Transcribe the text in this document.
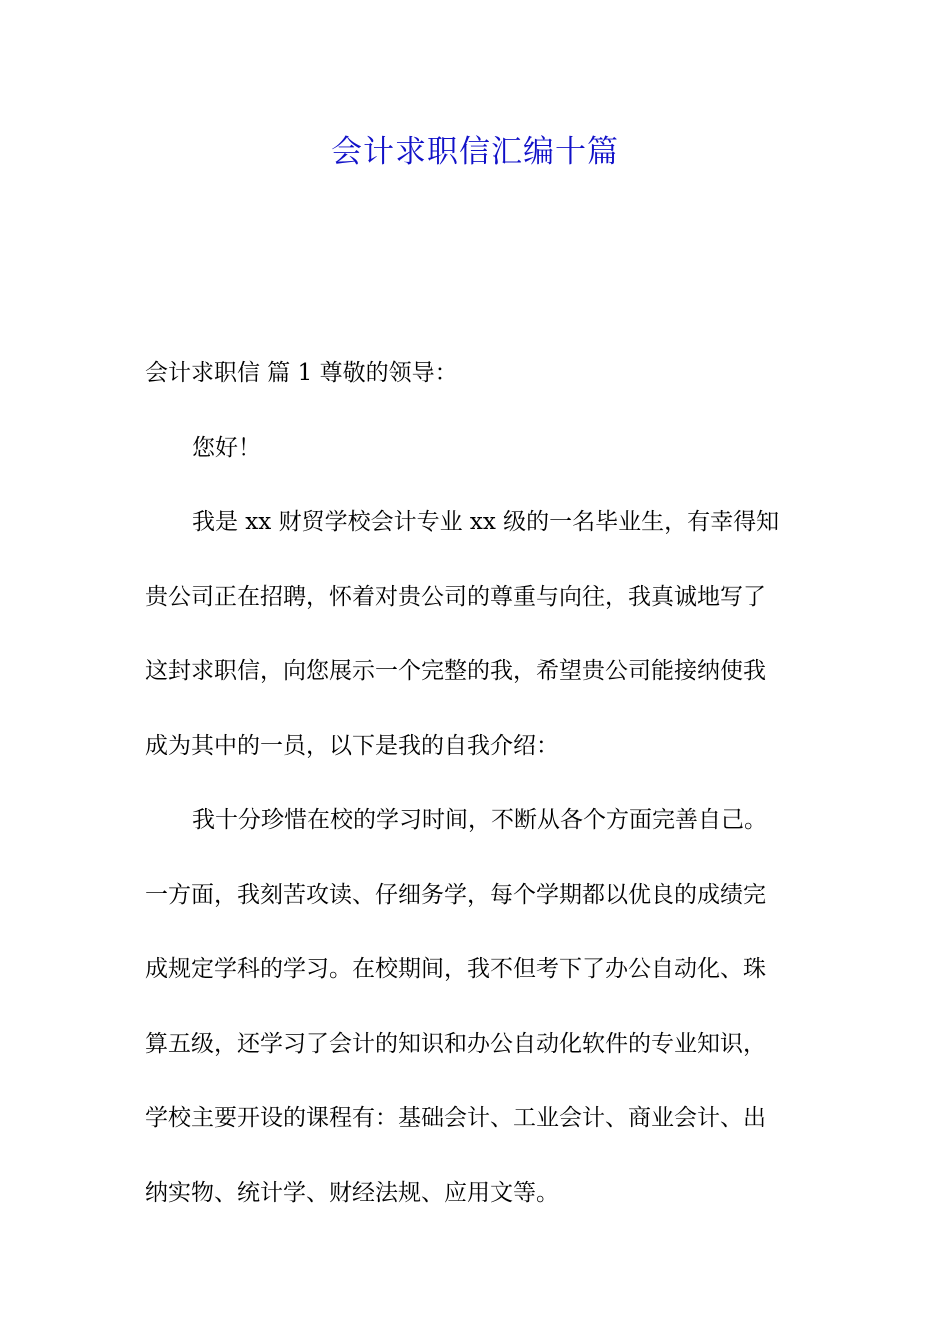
会计求职信汇编十篇
会计求职信 篇 1 尊敬的领导：
您好！
我是 xx 财贸学校会计专业 xx 级的一名毕业生，有幸得知
贵公司正在招聘，怀着对贵公司的尊重与向往，我真诚地写了
这封求职信，向您展示一个完整的我，希望贵公司能接纳使我
成为其中的一员，以下是我的自我介绍：
我十分珍惜在校的学习时间，不断从各个方面完善自己。
一方面，我刻苦攻读、仔细务学，每个学期都以优良的成绩完
成规定学科的学习。在校期间，我不但考下了办公自动化、珠
算五级，还学习了会计的知识和办公自动化软件的专业知识，
学校主要开设的课程有：基础会计、工业会计、商业会计、出
纳实物、统计学、财经法规、应用文等。
